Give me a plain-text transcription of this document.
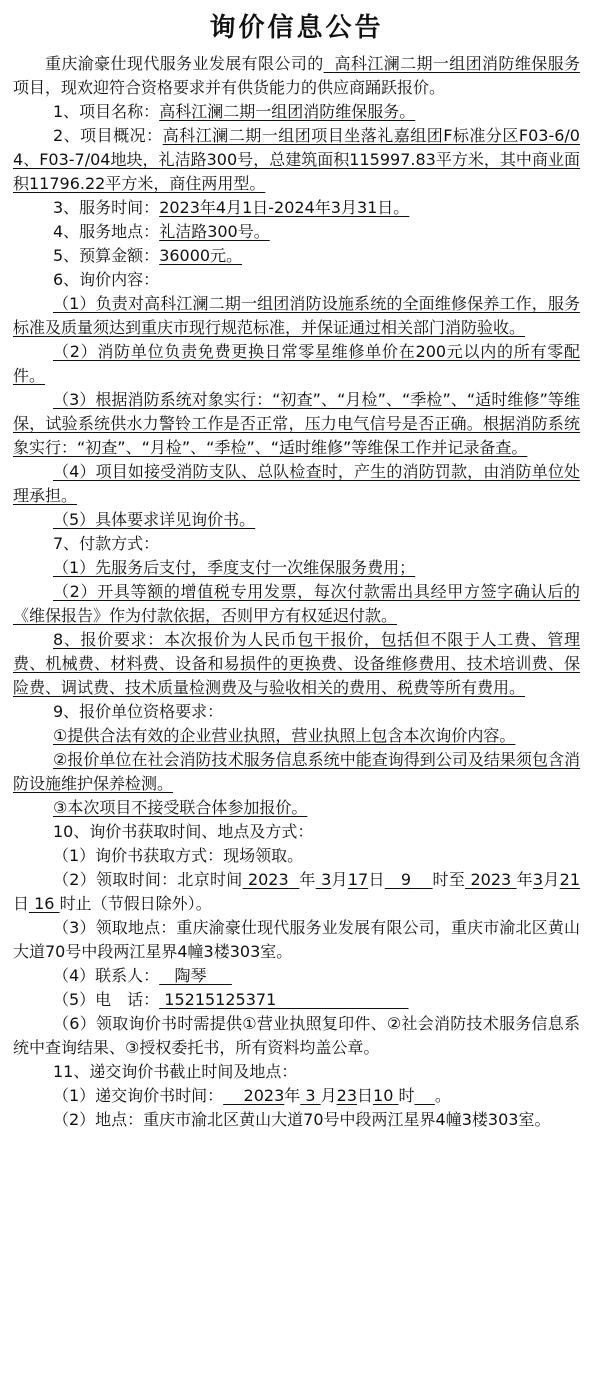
询价信息公告

重庆渝豪仕现代服务业发展有限公司的 高科江澜二期一组团消防维保服务项目，现欢迎符合资格要求并有供货能力的供应商踊跃报价。

1、项目名称：高科江澜二期一组团消防维保服务。

2、项目概况：高科江澜二期一组团项目坐落礼嘉组团F标准分区F03-6/04、F03-7/04地块，礼洁路300号，总建筑面积115997.83平方米，其中商业面积11796.22平方米，商住两用型。

3、服务时间：2023年4月1日-2024年3月31日。

4、服务地点：礼洁路300号。

5、预算金额：36000元。

6、询价内容：

（1）负责对高科江澜二期一组团消防设施系统的全面维修保养工作，服务标准及质量须达到重庆市现行规范标准，并保证通过相关部门消防验收。

（2）消防单位负责免费更换日常零星维修单价在200元以内的所有零配件。

（3）根据消防系统对象实行：“初查”、“月检”、“季检”、“适时维修”等维保，试验系统供水力警铃工作是否正常，压力电气信号是否正确。根据消防系统象实行：“初查”、“月检”、“季检”、“适时维修”等维保工作并记录备查。

（4）项目如接受消防支队、总队检查时，产生的消防罚款，由消防单位处理承担。

（5）具体要求详见询价书。

7、付款方式：

（1）先服务后支付，季度支付一次维保服务费用；

（2）开具等额的增值税专用发票，每次付款需出具经甲方签字确认后的《维保报告》作为付款依据，否则甲方有权延迟付款。

8、报价要求：本次报价为人民币包干报价，包括但不限于人工费、管理费、机械费、材料费、设备和易损件的更换费、设备维修费用、技术培训费、保险费、调试费、技术质量检测费及与验收相关的费用、税费等所有费用。

9、报价单位资格要求：

①提供合法有效的企业营业执照，营业执照上包含本次询价内容。

②报价单位在社会消防技术服务信息系统中能查询得到公司及结果须包含消防设施维护保养检测。

③本次项目不接受联合体参加报价。

10、询价书获取时间、地点及方式：

（1）询价书获取方式：现场领取。

（2）领取时间：北京时间 2023 年 3月17日 9 时至 2023 年3月21日 16 时止（节假日除外）。

（3）领取地点：重庆渝豪仕现代服务业发展有限公司，重庆市渝北区黄山大道70号中段两江星界4幢3楼303室。

（4）联系人： 陶琴

（5）电　话： 15215125371

（6）领取询价书时需提供①营业执照复印件、②社会消防技术服务信息系统中查询结果、③授权委托书，所有资料均盖公章。

11、递交询价书截止时间及地点：

（1）递交询价书时间： 2023年 3 月23日10 时 。

（2）地点：重庆市渝北区黄山大道70号中段两江星界4幢3楼303室。
